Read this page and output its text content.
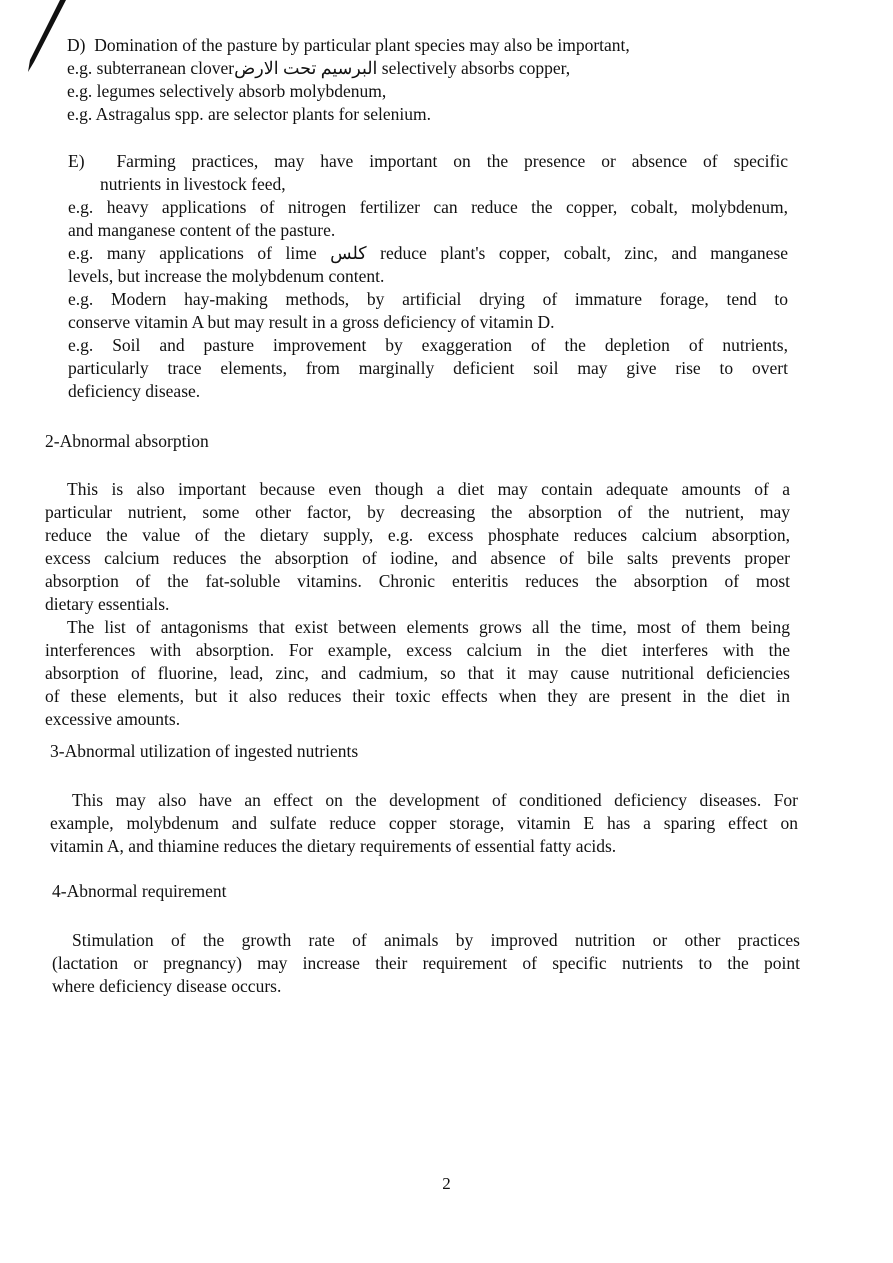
D) Domination of the pasture by particular plant species may also be important,
e.g. subterranean cloverالبرسيم تحت الارض selectively absorbs copper,
e.g. legumes selectively absorb molybdenum,
e.g. Astragalus spp. are selector plants for selenium.
E) Farming practices, may have important on the presence or absence of specific
nutrients in livestock feed,
e.g. heavy applications of nitrogen fertilizer can reduce the copper, cobalt, molybdenum,
and manganese content of the pasture.
e.g. many applications of lime كلس reduce plant's copper, cobalt, zinc, and manganese
levels, but increase the molybdenum content.
e.g. Modern hay-making methods, by artificial drying of immature forage, tend to
conserve vitamin A but may result in a gross deficiency of vitamin D.
e.g. Soil and pasture improvement by exaggeration of the depletion of nutrients,
particularly trace elements, from marginally deficient soil may give rise to overt
deficiency disease.
2-Abnormal absorption
This is also important because even though a diet may contain adequate amounts of a
particular nutrient, some other factor, by decreasing the absorption of the nutrient, may
reduce the value of the dietary supply, e.g. excess phosphate reduces calcium absorption,
excess calcium reduces the absorption of iodine, and absence of bile salts prevents proper
absorption of the fat-soluble vitamins. Chronic enteritis reduces the absorption of most
dietary essentials.
The list of antagonisms that exist between elements grows all the time, most of them being
interferences with absorption. For example, excess calcium in the diet interferes with the
absorption of fluorine, lead, zinc, and cadmium, so that it may cause nutritional deficiencies
of these elements, but it also reduces their toxic effects when they are present in the diet in
excessive amounts.
3-Abnormal utilization of ingested nutrients
This may also have an effect on the development of conditioned deficiency diseases. For
example, molybdenum and sulfate reduce copper storage, vitamin E has a sparing effect on
vitamin A, and thiamine reduces the dietary requirements of essential fatty acids.
4-Abnormal requirement
Stimulation of the growth rate of animals by improved nutrition or other practices
(lactation or pregnancy) may increase their requirement of specific nutrients to the point
where deficiency disease occurs.
2
